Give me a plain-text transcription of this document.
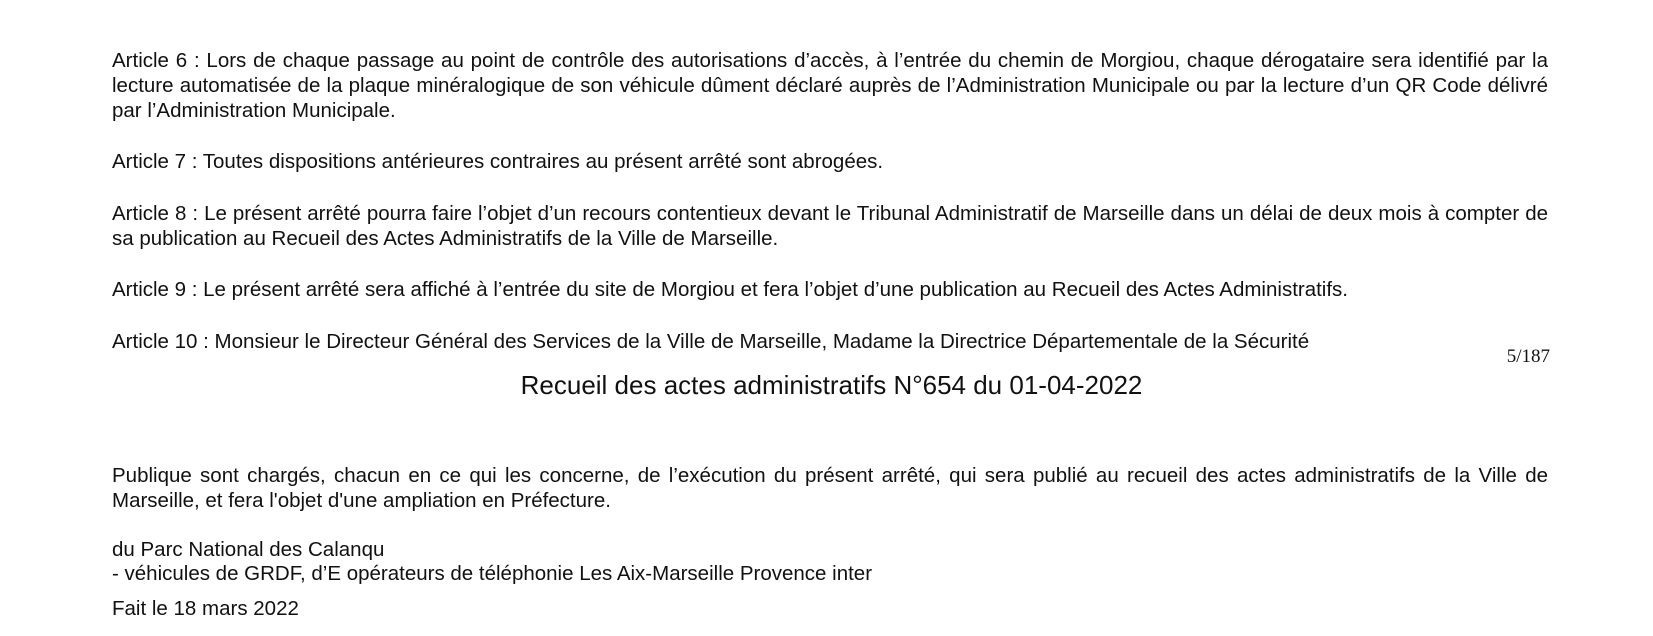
Article 6 : Lors de chaque passage au point de contrôle des autorisations d’accès, à l’entrée du chemin de Morgiou, chaque dérogataire sera identifié par la lecture automatisée de la plaque minéralogique de son véhicule dûment déclaré auprès de l’Administration Municipale ou par la lecture d’un QR Code délivré par l’Administration Municipale.

Article 7 : Toutes dispositions antérieures contraires au présent arrêté sont abrogées.

Article 8 : Le présent arrêté pourra faire l’objet d’un recours contentieux devant le Tribunal Administratif de Marseille dans un délai de deux mois à compter de sa publication au Recueil des Actes Administratifs de la Ville de Marseille.

Article 9 : Le présent arrêté sera affiché à l’entrée du site de Morgiou et fera l’objet d’une publication au Recueil des Actes Administratifs.

Article 10 : Monsieur le Directeur Général des Services de la Ville de Marseille, Madame la Directrice Départementale de la Sécurité

5/187
Recueil des actes administratifs N°654 du 01-04-2022

Publique sont chargés, chacun en ce qui les concerne, de l’exécution du présent arrêté, qui sera publié au recueil des actes administratifs de la Ville de Marseille, et fera l'objet d'une ampliation en Préfecture.

du Parc National des Calanqu
- véhicules de GRDF, d’E opérateurs de téléphonie Les Aix-Marseille Provence inter
Fait le 18 mars 2022
